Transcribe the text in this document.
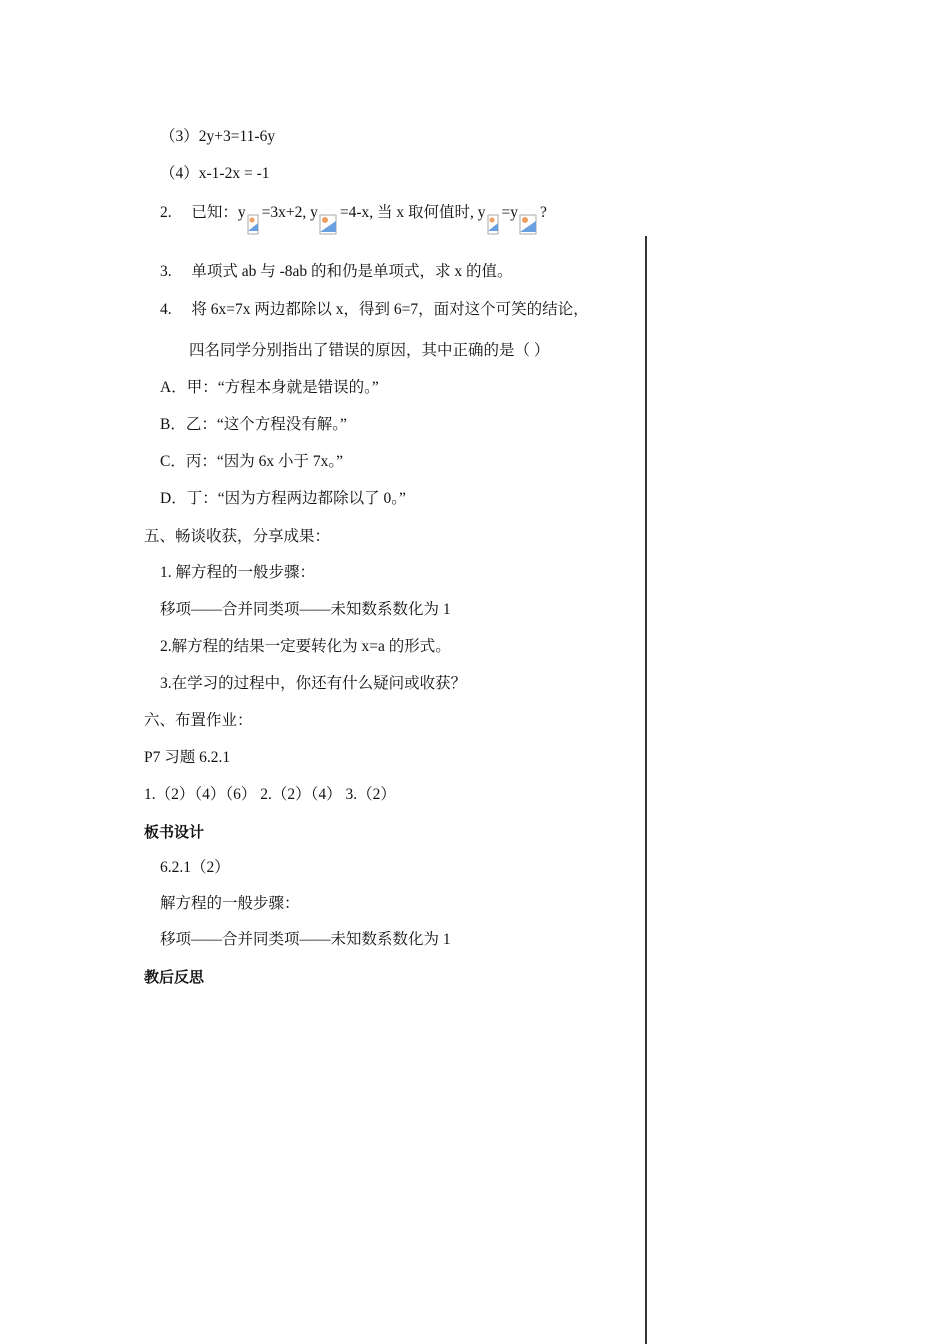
（3）2y+3=11-6y
（4）x-1-2x = -1
2. 已知：y =3x+2, y =4-x, 当 x 取何值时, y =y ?
3. 单项式 ab 与 -8ab 的和仍是单项式，求 x 的值。
4. 将 6x=7x 两边都除以 x，得到 6=7，面对这个可笑的结论，
四名同学分别指出了错误的原因，其中正确的是（ ）
A．甲：“方程本身就是错误的。”
B．乙：“这个方程没有解。”
C．丙：“因为 6x 小于 7x。”
D．丁：“因为方程两边都除以了 0。”
五、畅谈收获，分享成果：
1. 解方程的一般步骤：
移项——合并同类项——未知数系数化为 1
2.解方程的结果一定要转化为 x=a 的形式。
3.在学习的过程中，你还有什么疑问或收获？
六、布置作业：
P7 习题 6.2.1
1.（2）（4）（6） 2.（2）（4） 3.（2）
板书设计
6.2.1（2）
解方程的一般步骤：
移项——合并同类项——未知数系数化为 1
教后反思
